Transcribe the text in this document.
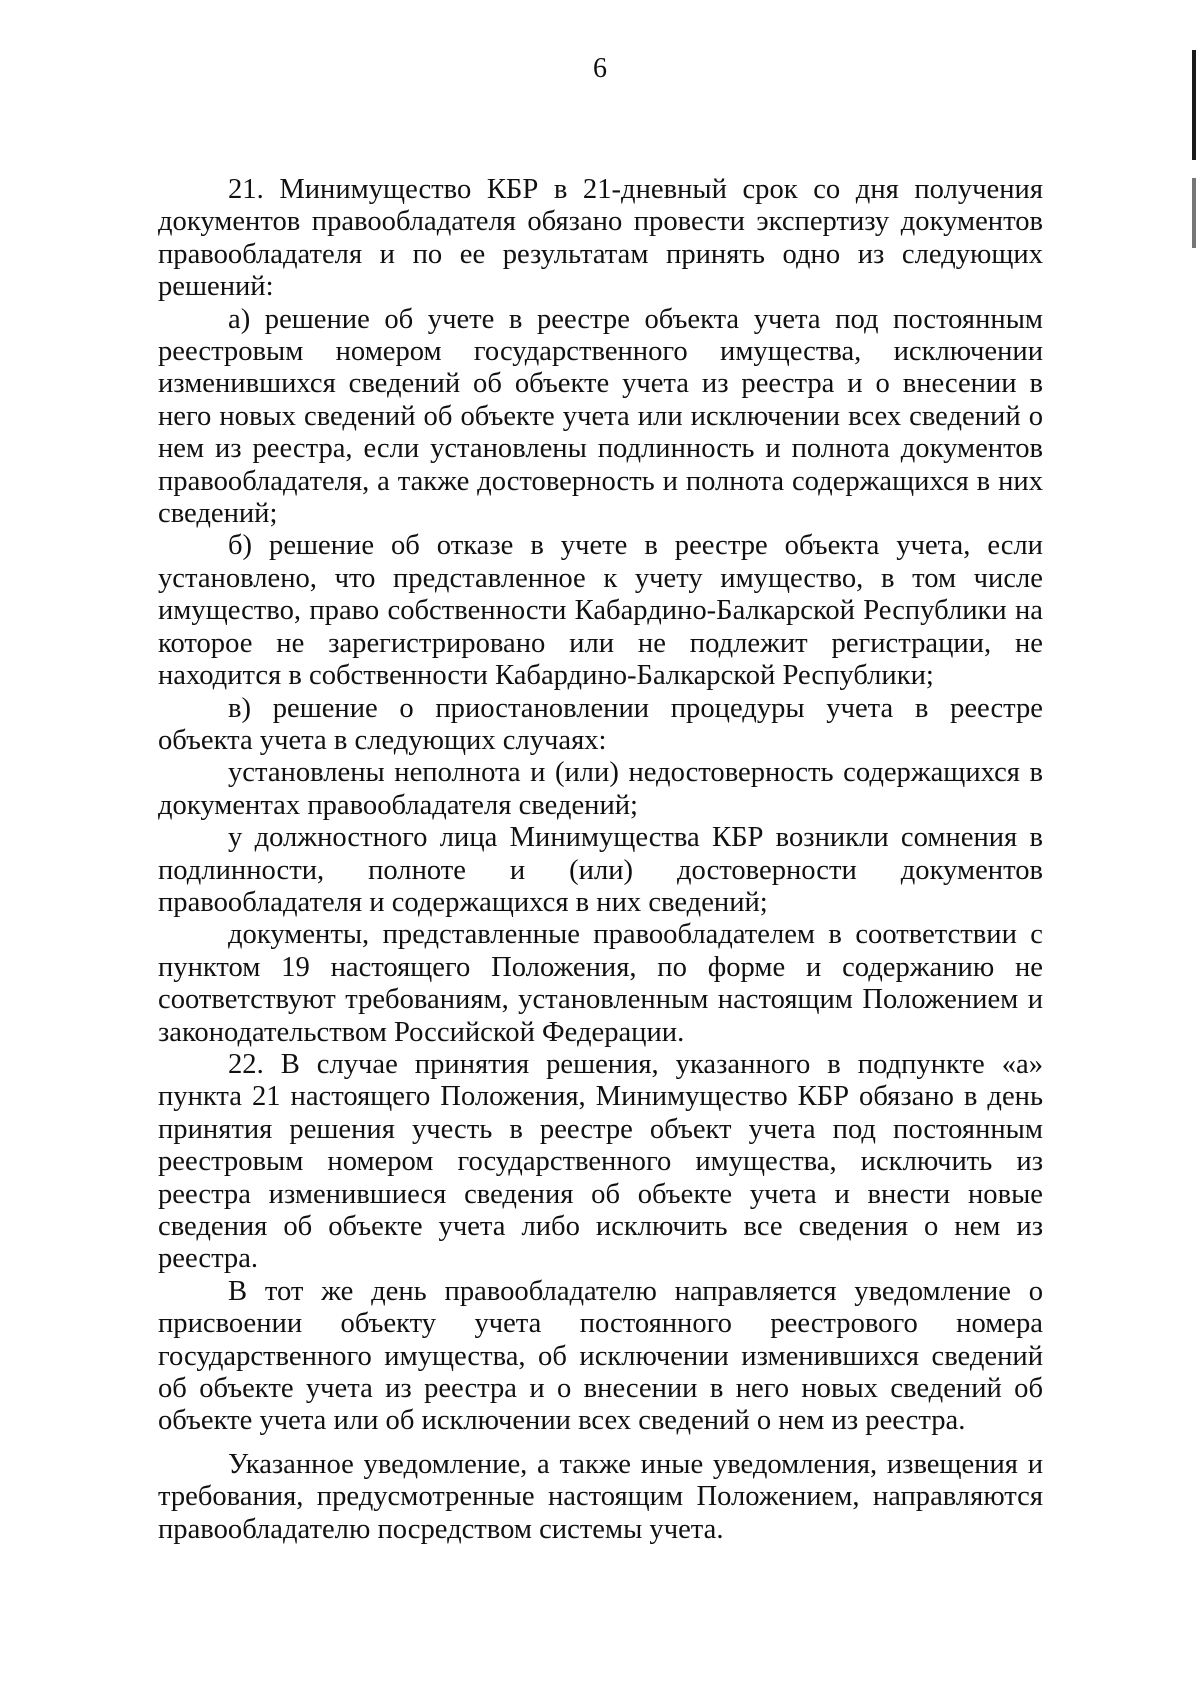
6

21. Минимущество КБР в 21-дневный срок со дня получения документов правообладателя обязано провести экспертизу документов правообладателя и по ее результатам принять одно из следующих решений:

а) решение об учете в реестре объекта учета под постоянным реестровым номером государственного имущества, исключении изменившихся сведений об объекте учета из реестра и о внесении в него новых сведений об объекте учета или исключении всех сведений о нем из реестра, если установлены подлинность и полнота документов правообладателя, а также достоверность и полнота содержащихся в них сведений;

б) решение об отказе в учете в реестре объекта учета, если установлено, что представленное к учету имущество, в том числе имущество, право собственности Кабардино-Балкарской Республики на которое не зарегистрировано или не подлежит регистрации, не находится в собственности Кабардино-Балкарской Республики;

в) решение о приостановлении процедуры учета в реестре объекта учета в следующих случаях:

установлены неполнота и (или) недостоверность содержащихся в документах правообладателя сведений;

у должностного лица Минимущества КБР возникли сомнения в подлинности, полноте и (или) достоверности документов правообладателя и содержащихся в них сведений;

документы, представленные правообладателем в соответствии с пунктом 19 настоящего Положения, по форме и содержанию не соответствуют требованиям, установленным настоящим Положением и законодательством Российской Федерации.

22. В случае принятия решения, указанного в подпункте «а» пункта 21 настоящего Положения, Минимущество КБР обязано в день принятия решения учесть в реестре объект учета под постоянным реестровым номером государственного имущества, исключить из реестра изменившиеся сведения об объекте учета и внести новые сведения об объекте учета либо исключить все сведения о нем из реестра.

В тот же день правообладателю направляется уведомление о присвоении объекту учета постоянного реестрового номера государственного имущества, об исключении изменившихся сведений об объекте учета из реестра и о внесении в него новых сведений об объекте учета или об исключении всех сведений о нем из реестра.

Указанное уведомление, а также иные уведомления, извещения и требования, предусмотренные настоящим Положением, направляются правообладателю посредством системы учета.
